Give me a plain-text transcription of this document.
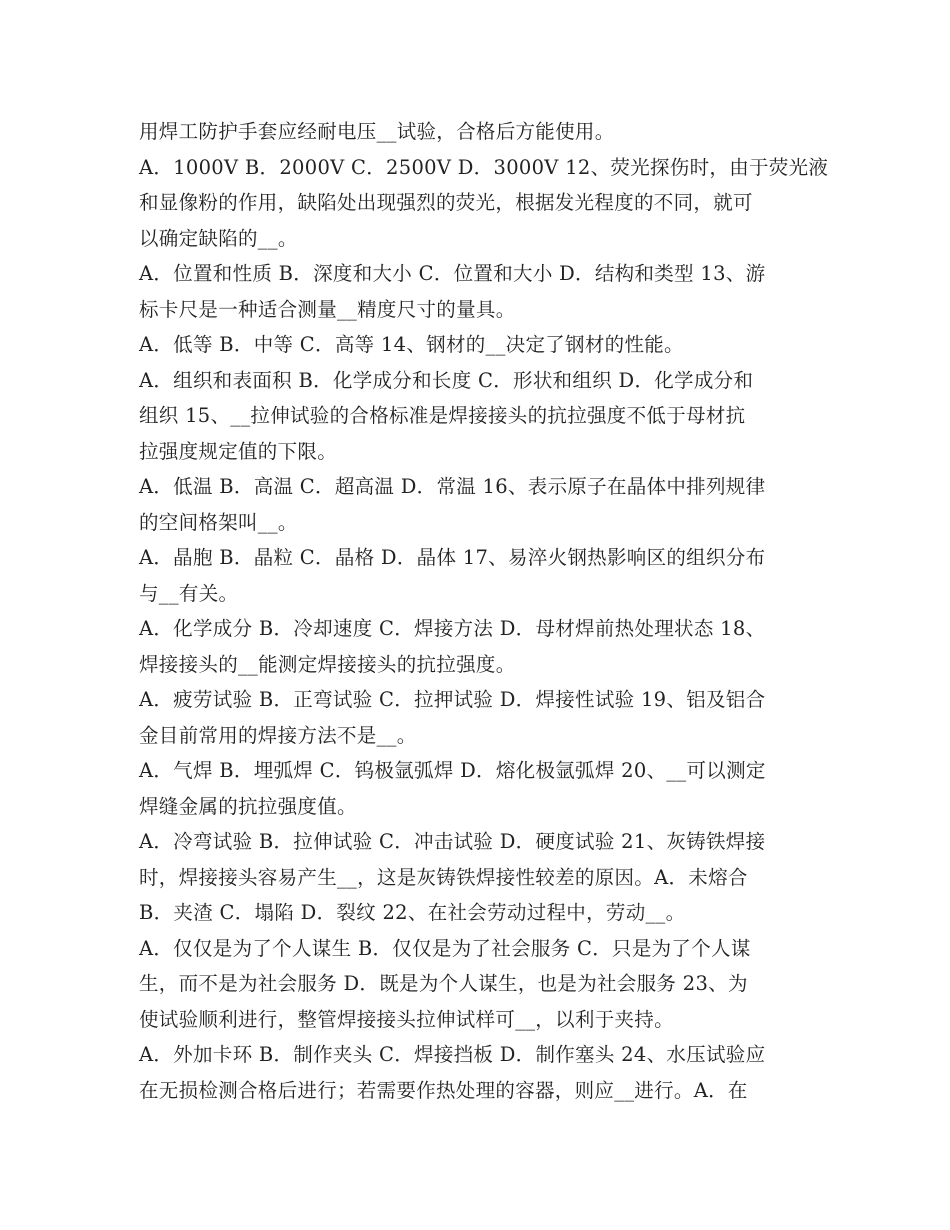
用焊工防护手套应经耐电压__试验，合格后方能使用。
A．1000V B．2000V C．2500V D．3000V 12、荧光探伤时，由于荧光液
和显像粉的作用，缺陷处出现强烈的荧光，根据发光程度的不同，就可
以确定缺陷的__。
A．位置和性质 B．深度和大小 C．位置和大小 D．结构和类型 13、游
标卡尺是一种适合测量__精度尺寸的量具。
A．低等 B．中等 C．高等 14、钢材的__决定了钢材的性能。
A．组织和表面积 B．化学成分和长度 C．形状和组织 D．化学成分和
组织 15、__拉伸试验的合格标准是焊接接头的抗拉强度不低于母材抗
拉强度规定值的下限。
A．低温 B．高温 C．超高温 D．常温 16、表示原子在晶体中排列规律
的空间格架叫__。
A．晶胞 B．晶粒 C．晶格 D．晶体 17、易淬火钢热影响区的组织分布
与__有关。
A．化学成分 B．冷却速度 C．焊接方法 D．母材焊前热处理状态 18、
焊接接头的__能测定焊接接头的抗拉强度。
A．疲劳试验 B．正弯试验 C．拉押试验 D．焊接性试验 19、铝及铝合
金目前常用的焊接方法不是__。
A．气焊 B．埋弧焊 C．钨极氩弧焊 D．熔化极氩弧焊 20、__可以测定
焊缝金属的抗拉强度值。
A．冷弯试验 B．拉伸试验 C．冲击试验 D．硬度试验 21、灰铸铁焊接
时，焊接接头容易产生__，这是灰铸铁焊接性较差的原因。A．未熔合
B．夹渣 C．塌陷 D．裂纹 22、在社会劳动过程中，劳动__。
A．仅仅是为了个人谋生 B．仅仅是为了社会服务 C．只是为了个人谋
生，而不是为社会服务 D．既是为个人谋生，也是为社会服务 23、为
使试验顺利进行，整管焊接接头拉伸试样可__，以利于夹持。
A．外加卡环 B．制作夹头 C．焊接挡板 D．制作塞头 24、水压试验应
在无损检测合格后进行；若需要作热处理的容器，则应__进行。A．在
